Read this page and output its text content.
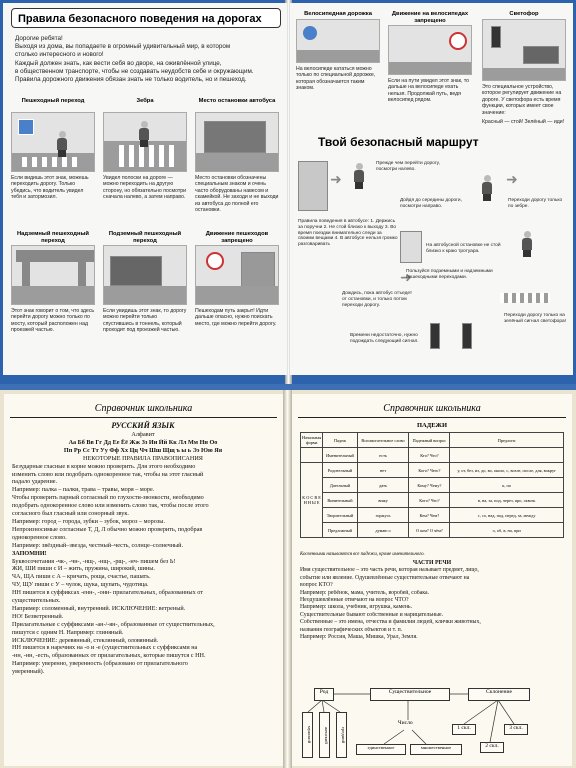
Правила безопасного поведения на дорогах

Дорогие ребята!

Выходя из дома, вы попадаете в огромный удивительный мир, в котором

столько интересного и нового!

Каждый должен знать, как вести себя во дворе, на оживлённой улице,

в общественном транспорте, чтобы не создавать неудобств себе и окружающим.

Правила дорожного движения обязан знать не только водитель, но и пешеход.

Пешеходный переход
Если видишь этот знак, можешь переходить дорогу. Только убедись, что водитель увидел тебя и затормозил.
Зебра
Увидел полоски на дороге — можно переходить на другую сторону, но обязательно посмотри сначала налево, а затем направо.
Место остановки автобуса
Место остановки обозначены специальным знаком и очень часто оборудованы навесом и скамейкой. Не заходи и не выходи из автобуса до полной его остановки.
Надземный пешеходный переход
Этот знак говорит о том, что здесь перейти дорогу можно только по мосту, который расположен над проезжей частью.
Подземный пешеходный переход
Если увидишь этот знак, то дорогу можно перейти только спустившись в тоннель, который проходит под проезжей частью.
Движение пешеходов запрещено
Пешеходам путь закрыт! Идти дальше опасно, нужно поискать место, где можно перейти дорогу.
Велосипедная дорожка
На велосипеде кататься можно только по специальной дорожке, которая обозначается таким знаком.
Движение на велосипедах запрещено
Если на пути увидел этот знак, то дальше на велосипеде ехать нельзя. Продолжай путь, ведя велосипед рядом.
Светофор
Это специальное устройство, которое регулирует движение на дороге. У светофора есть время функции, которых имеет свое значение:
Красный — стой! Зелёный — иди!
Твой безопасный маршрут
➜	➜
➜
Прежде чем перейти дорогу, посмотри налево.
Дойдя до середины дороги, посмотри направо.
Переходи дорогу только по зебре.
Правила поведения в автобусе: 1. Держись за поручни 2. Не стой близко к выходу 3. Во время поездки внимательно следи за своими вещами 4. В автобусе нельзя громко разговаривать	На автобусной остановке не стой близко к краю тротуара.
Пользуйся подземными и надземными пешеходными переходами.
Дождись, пока автобус отъедет от остановки, и только потом переходи дорогу.
Переходи дорогу только на зелёный сигнал светофора!
Времени недостаточно, нужно подождать следующий сигнал.
Справочник школьника
РУССКИЙ ЯЗЫК
Алфавит
Аа Бб Вв Гг Дд Ее Ёё Жж Зз Ии Йй Кк Лл Мм Нн Оо
Пп Рр Сс Тт Уу Фф Хх Цц Чч Шш Щщ ъ ы ь Ээ Юю Яя
НЕКОТОРЫЕ ПРАВИЛА ПРАВОПИСАНИЯ
Безударные гласные в корне можно проверить. Для этого необходимо
изменить слово или подобрать однокоренное так, чтобы на этот гласный
падало ударение.
Например: палка – палки, трава – травы, моря – море.
Чтобы проверить парный согласный по глухости-звонкости, необходимо
подобрать однокоренное слово или изменить слово так, чтобы после этого
согласного был гласный или сонорный звук.
Например: город – города, зубки – зубок, мороз – морозы.
Непроизносимые согласные Т, Д, Л обычно можно проверить, подобрав
однокоренное слово.
Например: звёздный–звезда, честный–честь, солнце–солнечный.
ЗАПОМНИ!
Буквосочетания -чк-, -чн-, -нщ-, -нщ-, -рщ-, -нч- пишем без Ь!
ЖИ, ШИ пиши с И – жить, пружина, широкий, шины.
ЧА, ЩА пиши с А – кричать, роща, счастье, пашать.
ЧУ, ЩУ пиши с У – чулок, щука, щупать, чудотица.
НН пишется в суффиксах -енн-, -онн- прилагательных, образованных от
существительных.
Например: соломенный, внутренний. ИСКЛЮЧЕНИЕ: ветреный.
НО! Безветренный.
Прилагательные с суффиксами -ан-/-ян-, образованные от существительных,
пишутся с одним Н. Например: глиняный.
ИСКЛЮЧЕНИЕ: деревянный, стеклянный, оловянный.
НН пишется в наречиях на -о и -е (существительных с суффиксами на
-нн, -нн, -есть, образованных от прилагательных, которые пишутся с НН.
Например: уверенно, уверенность (образовано от прилагательного
уверенный).
Справочник школьника
ПАДЕЖИ
Начальная форма	Падеж	Вспомогательное слово	Падежный вопрос	Предлоги
	Именительный	есть	Кто? Что?	
К О С В Е Н Н Ы Е	Родительный	нет	Кого? Чего?	у, от, без, из, до, во, около, с, возле, после, для, вокруг
	Дательный	дать	Кому? Чему?	к, по
	Винительный	вижу	Кого? Что?	в, на, за, под, через, про, сквозь
	Творительный	горжусь	Кем? Чем?	с, со, над, под, перед, за, между
	Предложный	думаю о	О ком? О чём?	о, об, в, на, при
Косвенными называются все падежи, кроме именительного.
ЧАСТИ РЕЧИ
Имя существительное – это часть речи, которая называет предмет, лицо,
событие или явление. Одушевлённые существительные отвечают на
вопрос КТО?
Например: ребёнок, мама, учитель, воробей, собака.
Неодушевлённые отвечают на вопрос ЧТО?
Например: школа, учебник, игрушка, камень.
Существительные бывают собственные и нарицательные.
Собственные – это имена, отчества и фамилии людей, клички животных,
названия географических объектов и т. п.
Например: Россия, Маша, Мишка, Урал, Земля.
Род	Существительное	Склонение
Число
мужской	женский	средний
единственное	множественное
1 скл.
2 скл.
3 скл.
